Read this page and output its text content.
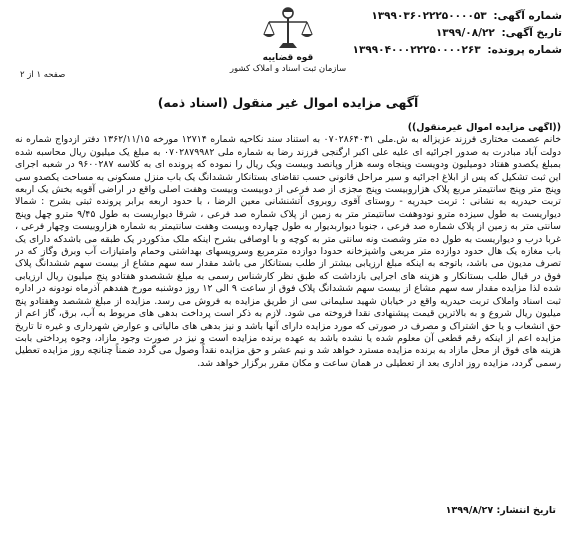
شماره آگهی: ۱۳۹۹۰۳۶۰۲۲۲۵۰۰۰۰۵۳
تاریخ آگهی: ۱۳۹۹/۰۸/۲۲
شماره پرونده: ۱۳۹۹۰۴۰۰۰۲۲۲۵۰۰۰۰۲۶۳
قوه قضاییه
سازمان ثبت اسناد و املاک کشور
صفحه ۱ از ۲
آگهی مزایده اموال غیر منقول (اسناد ذمه)

((آگهی مزایده اموال غیرمنقول))

خانم عصمت مختاری فرزند عزیزاله به ش.ملی ۰۷۰۲۸۶۴۰۳۱ به استناد سند نکاحیه شماره ۱۲۷۱۴ مورخه ۱۳۶۲/۱۱/۱۵ دفتر ازدواج شماره نه دولت آباد مبادرت به صدور اجرائیه ای علیه علی اکبر ارگنجی فرزند رضا به شماره ملی ۰۷۰۲۸۷۹۹۸۲ به مبلغ یک میلیون ریال محاسبه شده بمبلغ یکصدو هفتاد دومیلیون ودویست وپنجاه وسه هزار وپانصد وبیست ویک ریال را نموده که پرونده ای به کلاسه ۹۶۰۰۲۸۷ در شعبه اجرای این ثبت تشکیل که پس از ابلاغ اجرائیه و سیر مراحل قانونی حسب تقاضای بستانکار ششدانگ یک باب منزل مسکونی به مساحت یکصدو سی وپنج متر وپنج سانتیمتر مربع پلاک هزاروبیست وپنج مجزی از صد فرعی از دوبیست وبیست وهفت اصلی واقع در اراضی آقویه بخش یک اربعه تربت حیدریه به نشانی : تربت حیدریه - روستای آقوی روبروی آتشنشانی معین الرضا ، با حدود اربعه برابر پرونده ثبتی بشرح : شمالا دیواریست به طول سیزده مترو نودوهفت سانتیمتر متر به زمین از پلاک شماره صد فرعی ، شرقا دیواریست به طول ۹/۴۵ مترو چهل وپنج سانتی متر به زمین از پلاک شماره صد فرعی ، جنوبا دیواربدیوار به طول چهارده وبیست وهفت سانتیمتر به شماره هزاروبیست وچهار فرعی ، غربا درب و دیواریست به طول ده متر وشصت ونه سانتی متر به کوچه و با اوصافی بشرح اینکه ملک مذکوردر یک طبقه می باشدکه دارای یک باب مغازه یک هال حدود دوازده متر مربعی واشپزخانه حدودا دوازده مترمربع وسرویسهای بهداشتی وحمام وامتیازات آب وبرق وگاز که در تصرف مدیون می باشد، باتوجه به اینکه مبلغ ارزیابی بیشتر از طلب بستانکار می باشد مقدار سه سهم مشاع از بیست سهم ششدانگ پلاک فوق در قبال طلب بستانکار و هزینه های اجرایی بازداشت که طبق نظر کارشناس رسمی به مبلغ ششصدو هفتادو پنج میلیون ریال ارزیابی شده لذا مزایده مقدار سه سهم مشاع از بیست سهم ششدانگ پلاک فوق از ساعت ۹ الی ۱۲ روز دوشنبه مورخ هفدهم آذرماه نودونه در اداره ثبت اسناد واملاک تربت حیدریه واقع در خیابان شهید سلیمانی سی از طریق مزایده به فروش می رسد. مزایده از مبلغ ششصد وهفتادو پنج میلیون ریال شروع و به بالاترین قیمت پیشنهادی نقدا فروخته می شود. لازم به ذکر است پرداخت بدهی های مربوط به آب، برق، گاز اعم از حق انشعاب و یا حق اشتراک و مصرف در صورتی که مورد مزایده دارای آنها باشد و نیز بدهی های مالیاتی و عوارض شهرداری و غیره تا تاریخ مزایده اعم از اینکه رقم قطعی آن معلوم شده یا نشده باشد به عهده برنده مزایده است و نیز در صورت وجود مازاد، وجوه پرداختی بابت هزینه های فوق از محل مازاد به برنده مزایده مسترد خواهد شد و نیم عشر و حق مزایده نقداً وصول می گردد ضمناً چنانچه روز مزایده تعطیل رسمی گردد، مزایده روز اداری بعد از تعطیلی در همان ساعت و مکان مقرر برگزار خواهد شد.

تاریخ انتشار: ۱۳۹۹/۸/۲۷
